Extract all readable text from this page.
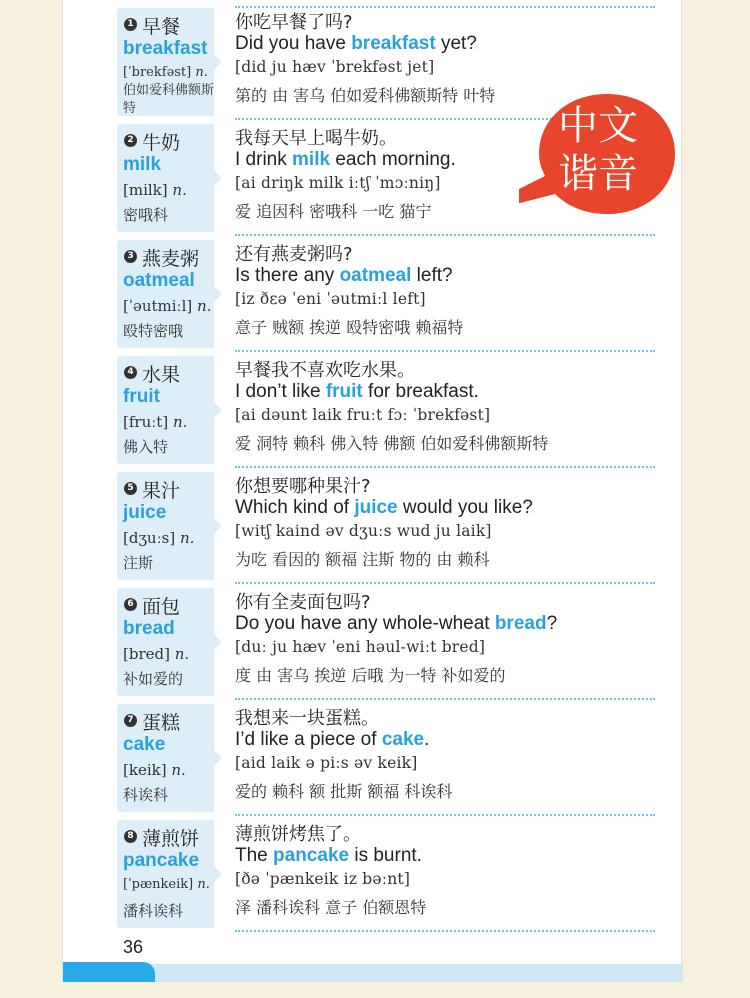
1 早餐
breakfast
[ˈbrekfəst] n.
伯如爱科佛额斯特
你吃早餐了吗?
Did you have breakfast yet?
[did ju hæv ˈbrekfəst jet]
第的 由 害乌 伯如爱科佛额斯特 叶特
2 牛奶
milk
[milk] n.
密哦科
我每天早上喝牛奶。
I drink milk each morning.
[ai driŋk milk iːtʃ ˈmɔːniŋ]
爱 追因科 密哦科 一吃 猫宁
3 燕麦粥
oatmeal
[ˈəutmiːl] n.
殴特密哦
还有燕麦粥吗?
Is there any oatmeal left?
[iz ðεə ˈeni ˈəutmiːl left]
意子 贼额 挨逆 殴特密哦 赖福特
4 水果
fruit
[fruːt] n.
佛入特
早餐我不喜欢吃水果。
I don’t like fruit for breakfast.
[ai dəunt laik fruːt fɔː ˈbrekfəst]
爱 洞特 赖科 佛入特 佛额 伯如爱科佛额斯特
5 果汁
juice
[dʒuːs] n.
注斯
你想要哪种果汁?
Which kind of juice would you like?
[witʃ kaind əv dʒuːs wud ju laik]
为吃 看因的 额福 注斯 物的 由 赖科
6 面包
bread
[bred] n.
补如爱的
你有全麦面包吗?
Do you have any whole-wheat bread?
[duː ju hæv ˈeni həul-wiːt bred]
度 由 害乌 挨逆 后哦 为一特 补如爱的
7 蛋糕
cake
[keik] n.
科诶科
我想来一块蛋糕。
I’d like a piece of cake.
[aid laik ə piːs əv keik]
爱的 赖科 额 批斯 额福 科诶科
8 薄煎饼
pancake
[ˈpænkeik] n.
潘科诶科
薄煎饼烤焦了。
The pancake is burnt.
[ðə ˈpænkeik iz bəːnt]
泽 潘科诶科 意子 伯额恩特
36
中文
谐音
